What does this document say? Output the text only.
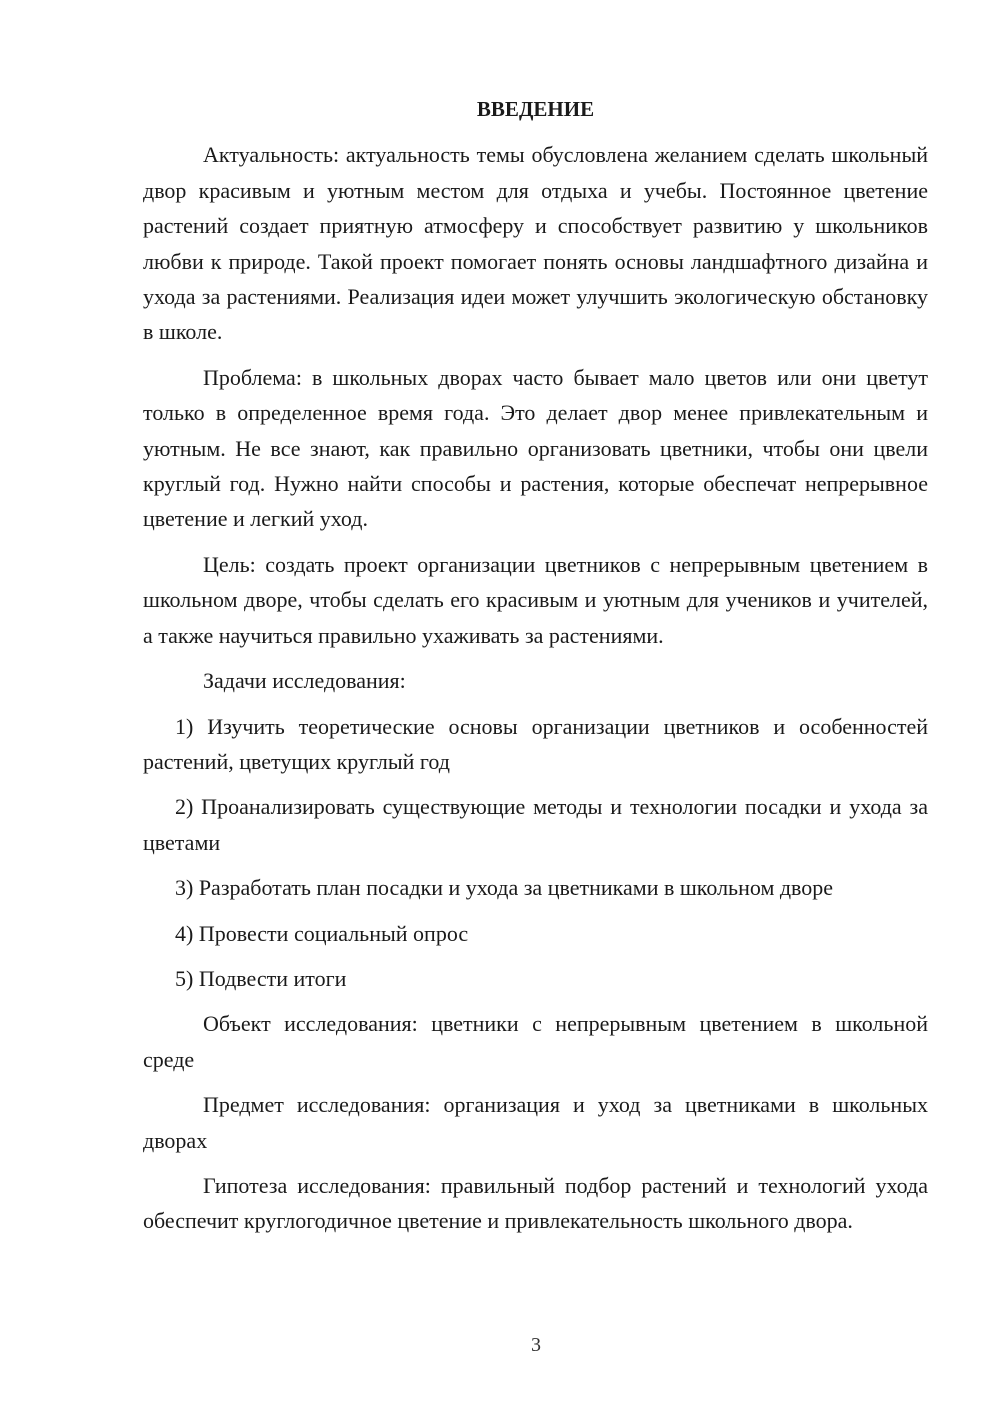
ВВЕДЕНИЕ

Актуальность: актуальность темы обусловлена желанием сделать школьный двор красивым и уютным местом для отдыха и учебы. Постоянное цветение растений создает приятную атмосферу и способствует развитию у школьников любви к природе. Такой проект помогает понять основы ландшафтного дизайна и ухода за растениями. Реализация идеи может улучшить экологическую обстановку в школе.

Проблема: в школьных дворах часто бывает мало цветов или они цветут только в определенное время года. Это делает двор менее привлекательным и уютным. Не все знают, как правильно организовать цветники, чтобы они цвели круглый год. Нужно найти способы и растения, которые обеспечат непрерывное цветение и легкий уход.

Цель: создать проект организации цветников с непрерывным цветением в школьном дворе, чтобы сделать его красивым и уютным для учеников и учителей, а также научиться правильно ухаживать за растениями.

Задачи исследования:

1) Изучить теоретические основы организации цветников и особенностей растений, цветущих круглый год

2) Проанализировать существующие методы и технологии посадки и ухода за цветами

3) Разработать план посадки и ухода за цветниками в школьном дворе

4) Провести социальный опрос

5) Подвести итоги

Объект исследования: цветники с непрерывным цветением в школьной среде

Предмет исследования: организация и уход за цветниками в школьных дворах

Гипотеза исследования: правильный подбор растений и технологий ухода обеспечит круглогодичное цветение и привлекательность школьного двора.

3
